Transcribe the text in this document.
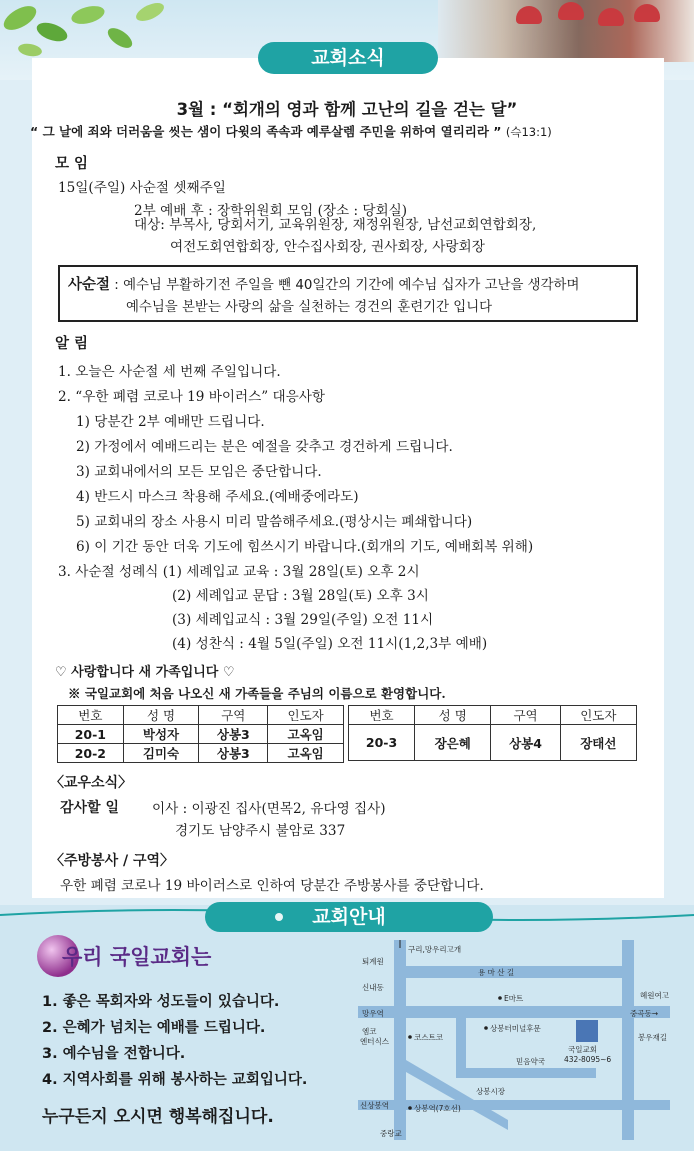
교회소식
3월 : “회개의 영과 함께 고난의 길을 걷는 달”
“ 그 날에 죄와 더러움을 씻는 샘이 다윗의 족속과 예루살렘 주민을 위하여 열리리라 ” (슥13:1)
모 임
15일(주일) 사순절 셋째주일
2부 예배 후 : 장학위원회 모임 (장소 : 당회실)
대상: 부목사, 당회서기, 교육위원장, 재정위원장, 남선교회연합회장,
여전도회연합회장, 안수집사회장, 권사회장, 사랑회장
사순절 : 예수님 부활하기전 주일을 뺀 40일간의 기간에 예수님 십자가 고난을 생각하며
예수님을 본받는 사랑의 삶을 실천하는 경건의 훈련기간 입니다
알 림
1. 오늘은 사순절 세 번째 주일입니다.
2. “우한 폐렴 코로나 19 바이러스” 대응사항
1) 당분간 2부 예배만 드립니다.
2) 가정에서 예배드리는 분은 예절을 갖추고 경건하게 드립니다.
3) 교회내에서의 모든 모임은 중단합니다.
4) 반드시 마스크 착용해 주세요.(예배중에라도)
5) 교회내의 장소 사용시 미리 말씀해주세요.(평상시는 폐쇄합니다)
6) 이 기간 동안 더욱 기도에 힘쓰시기 바랍니다.(회개의 기도, 예배회복 위해)
3. 사순절 성례식 (1) 세례입교 교육 : 3월 28일(토) 오후 2시
(2) 세례입교 문답 : 3월 28일(토) 오후 3시
(3) 세례입교식 : 3월 29일(주일) 오전 11시
(4) 성찬식 : 4월 5일(주일) 오전 11시(1,2,3부 예배)
♡ 사랑합니다 새 가족입니다 ♡
※ 국일교회에 처음 나오신 새 가족들을 주님의 이름으로 환영합니다.
번호	성 명	구역	인도자
20-1	박성자	상봉3	고옥임
20-2	김미숙	상봉3	고옥임
번호	성 명	구역	인도자
20-3	장은혜	상봉4	장태선
〈교우소식〉
감사할 일 이사 : 이광진 집사(면목2, 유다영 집사)
경기도 남양주시 불암로 337
〈주방봉사 / 구역〉
우한 폐렴 코로나 19 바이러스로 인하여 당분간 주방봉사를 중단합니다.
교회안내
우리 국일교회는
1. 좋은 목회자와 성도들이 있습니다.
2. 은혜가 넘치는 예배를 드립니다.
3. 예수님을 전합니다.
4. 지역사회를 위해 봉사하는 교회입니다.
누구든지 오시면 행복해집니다.
구리,망우리고개
퇴계원
용 마 산 길
신내동
E마트	혜원여고
망우역	중곡동→
엠코
엔터식스	코스트코
상봉터미널후문
국일교회
432-8095~6
믿음약국
봉우재길
상봉시장
신상봉역	상봉역(7호선)
중랑교
